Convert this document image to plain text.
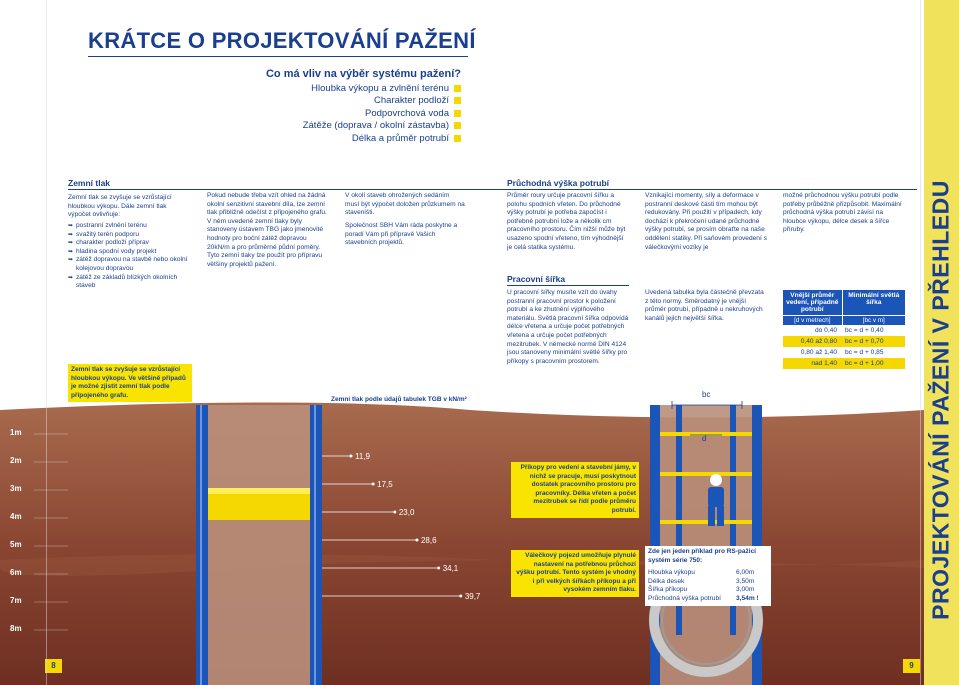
PROJEKTOVÁNÍ PAŽENÍ V PŘEHLEDU
11,9
17,5
23,0
28,6
34,1
39,7
1m
2m
3m
4m
5m
6m
7m
8m
KRÁTCE O PROJEKTOVÁNÍ PAŽENÍ
Co má vliv na výběr systému pažení?
Hloubka výkopu a zvlnění terénu
Charakter podloží
Podpovrchová voda
Zátěže (doprava / okolní zástavba)
Délka a průměr potrubí
Zemní tlak
Zemní tlak se zvyšuje se vzrůstající hloubkou výkopu. Dále zemní tlak výpočet ovlivňuje:
➥ postranní zvlnění terénu
➥ svažitý terén podporu
➥ charakter podloží příprav
➥ hladina spodní vody projekt
➥ zátěž dopravou na stavbě nebo okolní kolejovou dopravou
➥ zátěž ze základů blízkých okolních staveb
Zemní tlak se zvyšuje se vzrůstající hloubkou výkopu. Ve většině případů je možné zjistit zemní tlak podle přípojeného grafu.
Pokud nebude třeba vzít ohled na žádná okolní senzitivní stavební díla, lze zemní tlak přibližně odečíst z připojeného grafu. V něm uvedené zemní tlaky byly stanoveny ústavem TBG jako jmenovité hodnoty pro boční zátěž dopravou 20kN/m a pro průměrné půdní poměry. Tyto zemní tlaky lze použít pro přípravu většiny projektů pažení.
V okolí staveb ohrožených sedáním musí být výpočet doložen průzkumem na staveništi.
Společnost SBH Vám ráda poskytne a poradí Vám při přípravě Vašich stavebních projektů.
Zemní tlak podle údajů tabulek TGB v kN/m²
Průchodná výška potrubí
Průměr roury určuje pracovní šířku a polohu spodních vřeten. Do průchodné výšky potrubí je potřeba započíst i potřebné potrubní lože a několik cm pracovního prostoru. Čím nižší může být usazeno spodní vřeteno, tím výhodnější je celá statika systému.
Vznikající momenty, síly a deformace v postranní deskové části tím mohou být redukovány. Při použití v případech, kdy dochází k překročení udané průchodné výšky potrubí, se prosím obraťte na naše oddělení statiky. Při saňovém provedení s válečkovými vozíky je
možné průchodnou výšku potrubí podle potřeby průběžně přizpůsobit. Maximální průchodná výška potrubí závisí na hloubce výkopu, délce desek a šířce příruby.
Pracovní šířka
U pracovní šířky musíte vzít do úvahy postranní pracovní prostor k položení potrubí a ke zhutnění výplňového materiálu. Světlá pracovní šířka odpovídá délce vřetena a určuje počet potřebných vřetena a určuje počet potřebných mezitrubek. V německé normě DIN 4124 jsou stanoveny minimální světlé šířky pro příkopy s pracovním prostorem.
Uvedená tabulka byla částečně převzata z této normy. Směrodatný je vnější průměr potrubí, případně u nekruhových kanálů jejich největší šířka.
Vnější průměr vedení, případně potrubí
Minimální světlá šířka
[d v metrech]	[bc v m]
do 0,40	bc = d + 0,40
0,40 až 0,80	bc = d + 0,70
0,80 až 1,40	bc = d + 0,85
nad 1,40	bc = d + 1,00
bc
d
Příkopy pro vedení a stavební jámy, v nichž se pracuje, musí poskytnout dostatek pracovního prostoru pro pracovníky. Délka vřeten a počet mezitrubek se řídí podle průměru potrubí.
Válečkový pojezd umožňuje plynulé nastavení na potřebnou průchozí výšku potrubí. Tento systém je vhodný i při velkých šířkách příkopu a při vysokém zemním tlaku.
Zde jen jeden příklad pro RS-pažicí systém série 750:
Hloubka výkopu	6,00m
Délka desek	3,50m
Šířka příkopu	3,00m
Průchodná výška potrubí	3,54m !
8	9
